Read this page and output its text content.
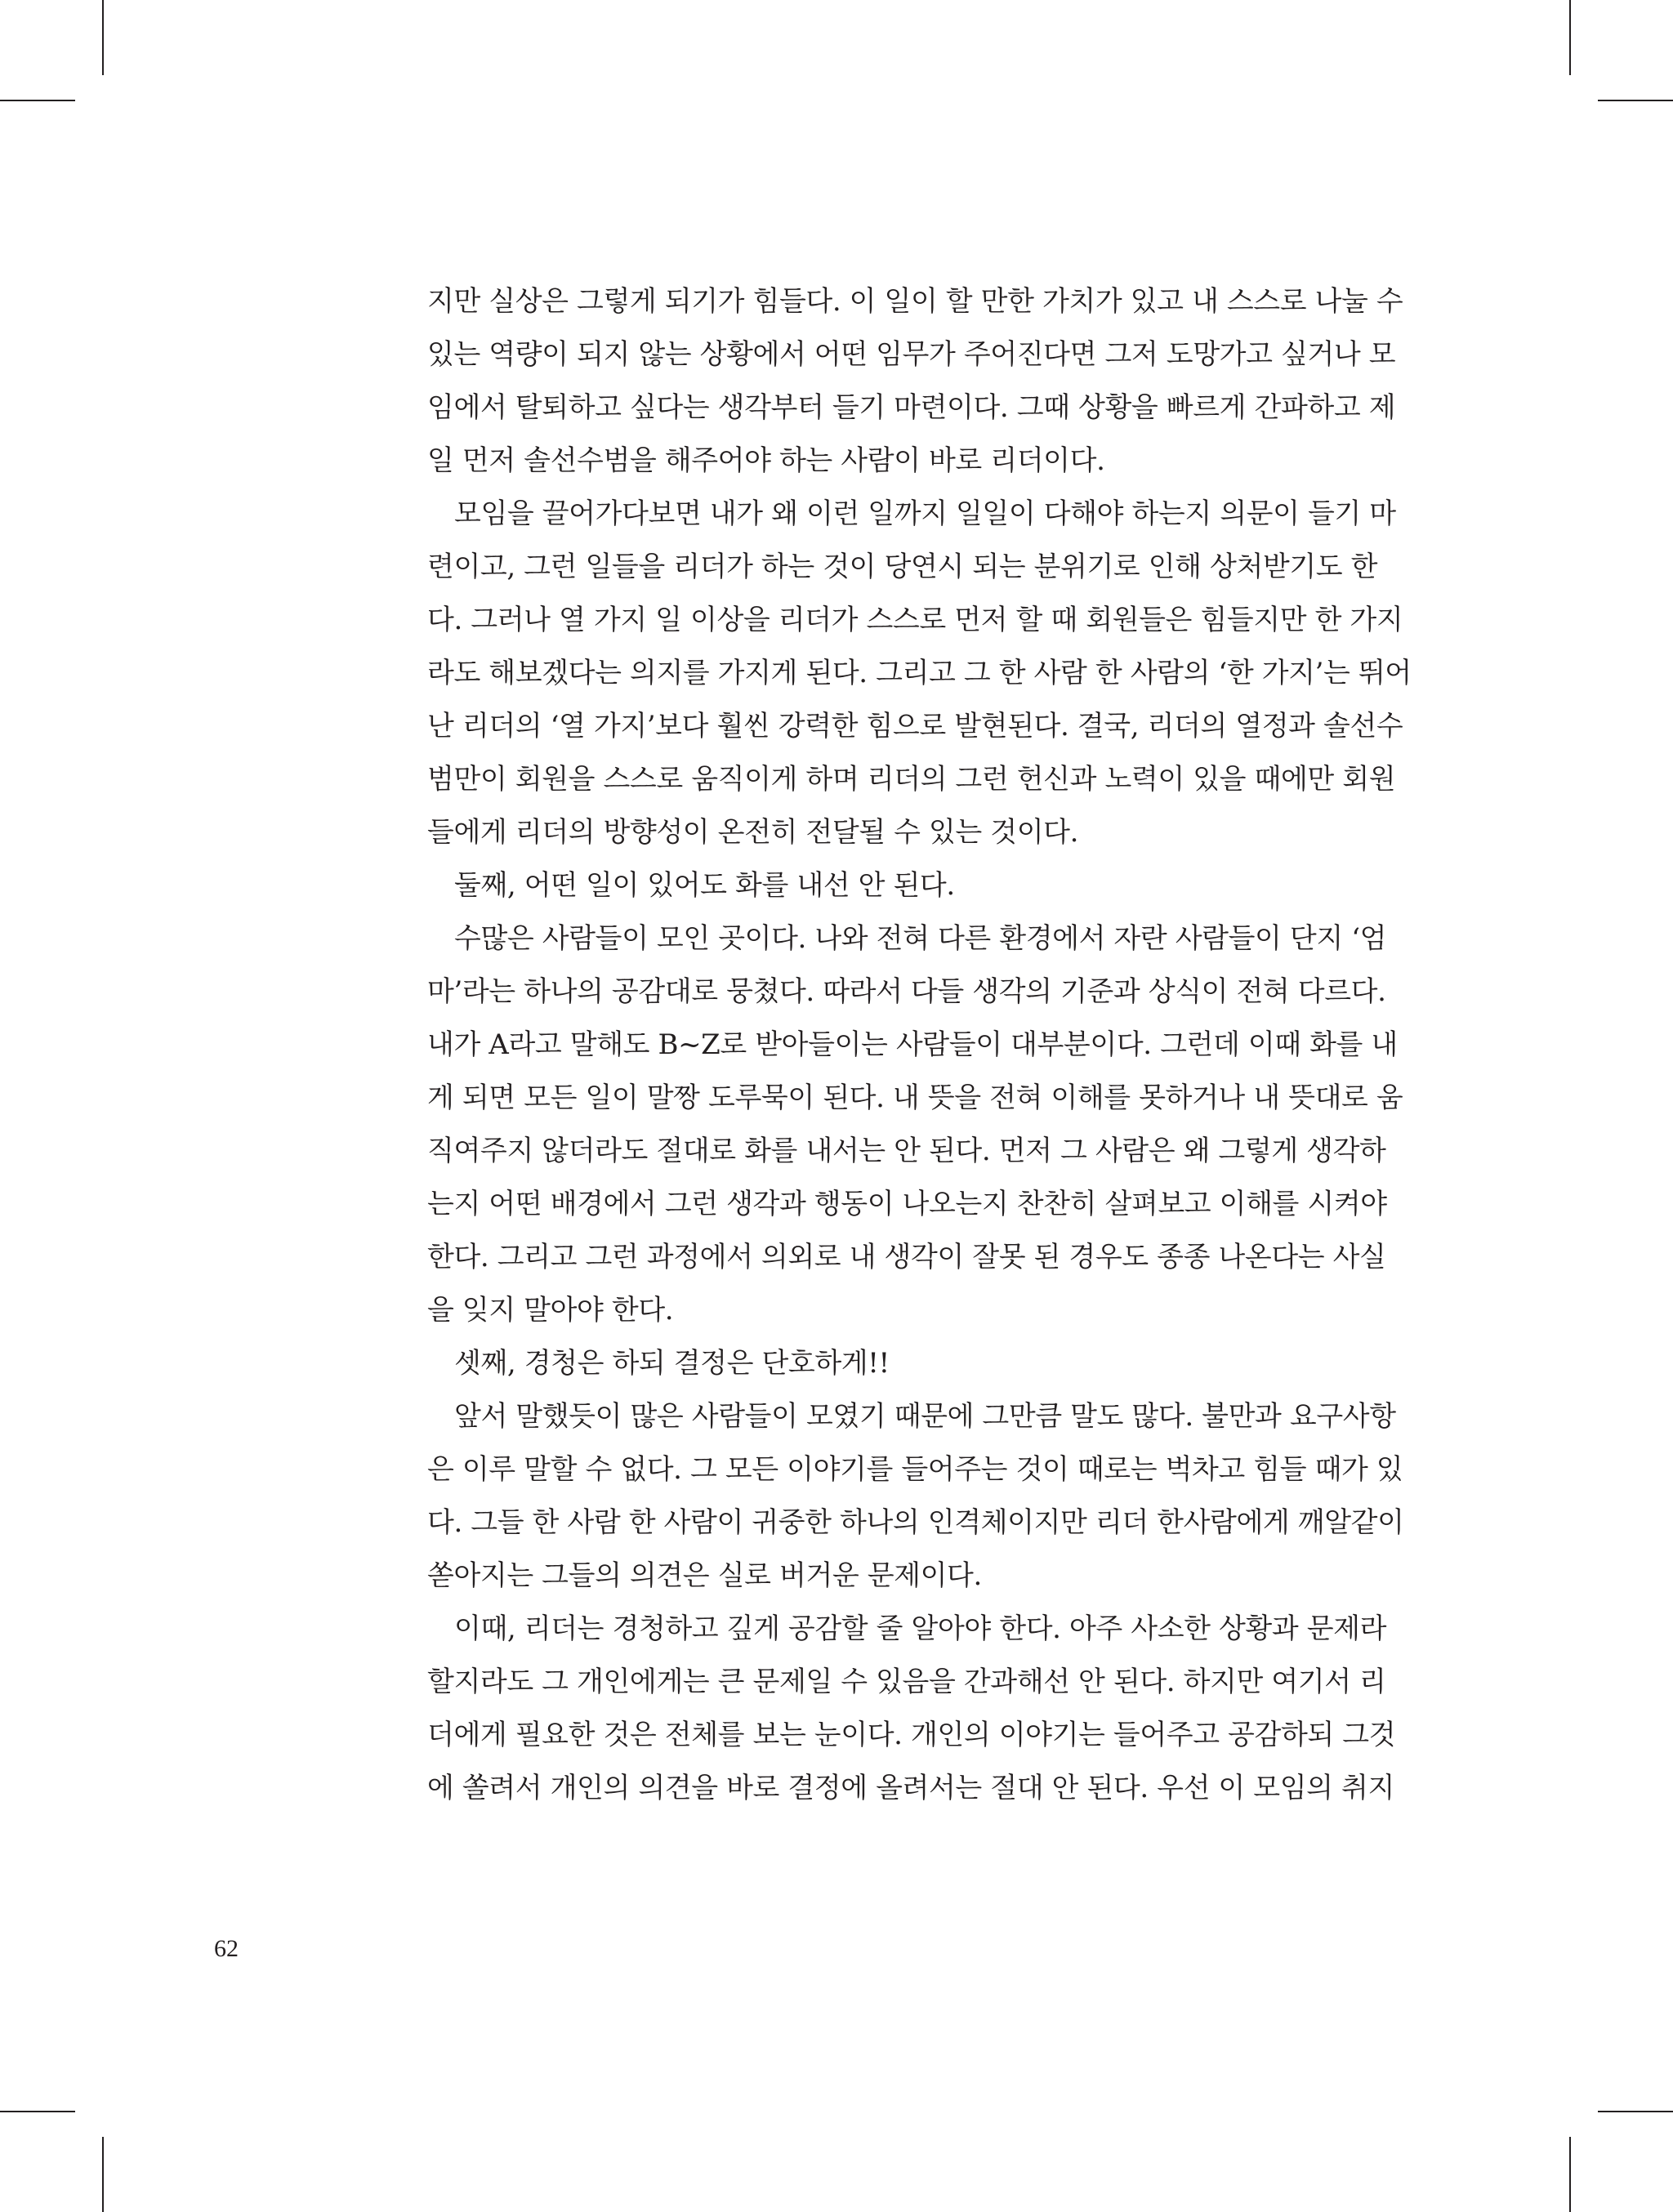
지만 실상은 그렇게 되기가 힘들다. 이 일이 할 만한 가치가 있고 내 스스로 나눌 수
있는 역량이 되지 않는 상황에서 어떤 임무가 주어진다면 그저 도망가고 싶거나 모
임에서 탈퇴하고 싶다는 생각부터 들기 마련이다. 그때 상황을 빠르게 간파하고 제
일 먼저 솔선수범을 해주어야 하는 사람이 바로 리더이다.
모임을 끌어가다보면 내가 왜 이런 일까지 일일이 다해야 하는지 의문이 들기 마
련이고, 그런 일들을 리더가 하는 것이 당연시 되는 분위기로 인해 상처받기도 한
다. 그러나 열 가지 일 이상을 리더가 스스로 먼저 할 때 회원들은 힘들지만 한 가지
라도 해보겠다는 의지를 가지게 된다. 그리고 그 한 사람 한 사람의 ‘한 가지’는 뛰어
난 리더의 ‘열 가지’보다 훨씬 강력한 힘으로 발현된다. 결국, 리더의 열정과 솔선수
범만이 회원을 스스로 움직이게 하며 리더의 그런 헌신과 노력이 있을 때에만 회원
들에게 리더의 방향성이 온전히 전달될 수 있는 것이다.
둘째, 어떤 일이 있어도 화를 내선 안 된다.
수많은 사람들이 모인 곳이다. 나와 전혀 다른 환경에서 자란 사람들이 단지 ‘엄
마’라는 하나의 공감대로 뭉쳤다. 따라서 다들 생각의 기준과 상식이 전혀 다르다.
내가 A라고 말해도 B~Z로 받아들이는 사람들이 대부분이다. 그런데 이때 화를 내
게 되면 모든 일이 말짱 도루묵이 된다. 내 뜻을 전혀 이해를 못하거나 내 뜻대로 움
직여주지 않더라도 절대로 화를 내서는 안 된다. 먼저 그 사람은 왜 그렇게 생각하
는지 어떤 배경에서 그런 생각과 행동이 나오는지 찬찬히 살펴보고 이해를 시켜야
한다. 그리고 그런 과정에서 의외로 내 생각이 잘못 된 경우도 종종 나온다는 사실
을 잊지 말아야 한다.
셋째, 경청은 하되 결정은 단호하게!!
앞서 말했듯이 많은 사람들이 모였기 때문에 그만큼 말도 많다. 불만과 요구사항
은 이루 말할 수 없다. 그 모든 이야기를 들어주는 것이 때로는 벅차고 힘들 때가 있
다. 그들 한 사람 한 사람이 귀중한 하나의 인격체이지만 리더 한사람에게 깨알같이
쏟아지는 그들의 의견은 실로 버거운 문제이다.
이때, 리더는 경청하고 깊게 공감할 줄 알아야 한다. 아주 사소한 상황과 문제라
할지라도 그 개인에게는 큰 문제일 수 있음을 간과해선 안 된다. 하지만 여기서 리
더에게 필요한 것은 전체를 보는 눈이다. 개인의 이야기는 들어주고 공감하되 그것
에 쏠려서 개인의 의견을 바로 결정에 올려서는 절대 안 된다. 우선 이 모임의 취지
62
